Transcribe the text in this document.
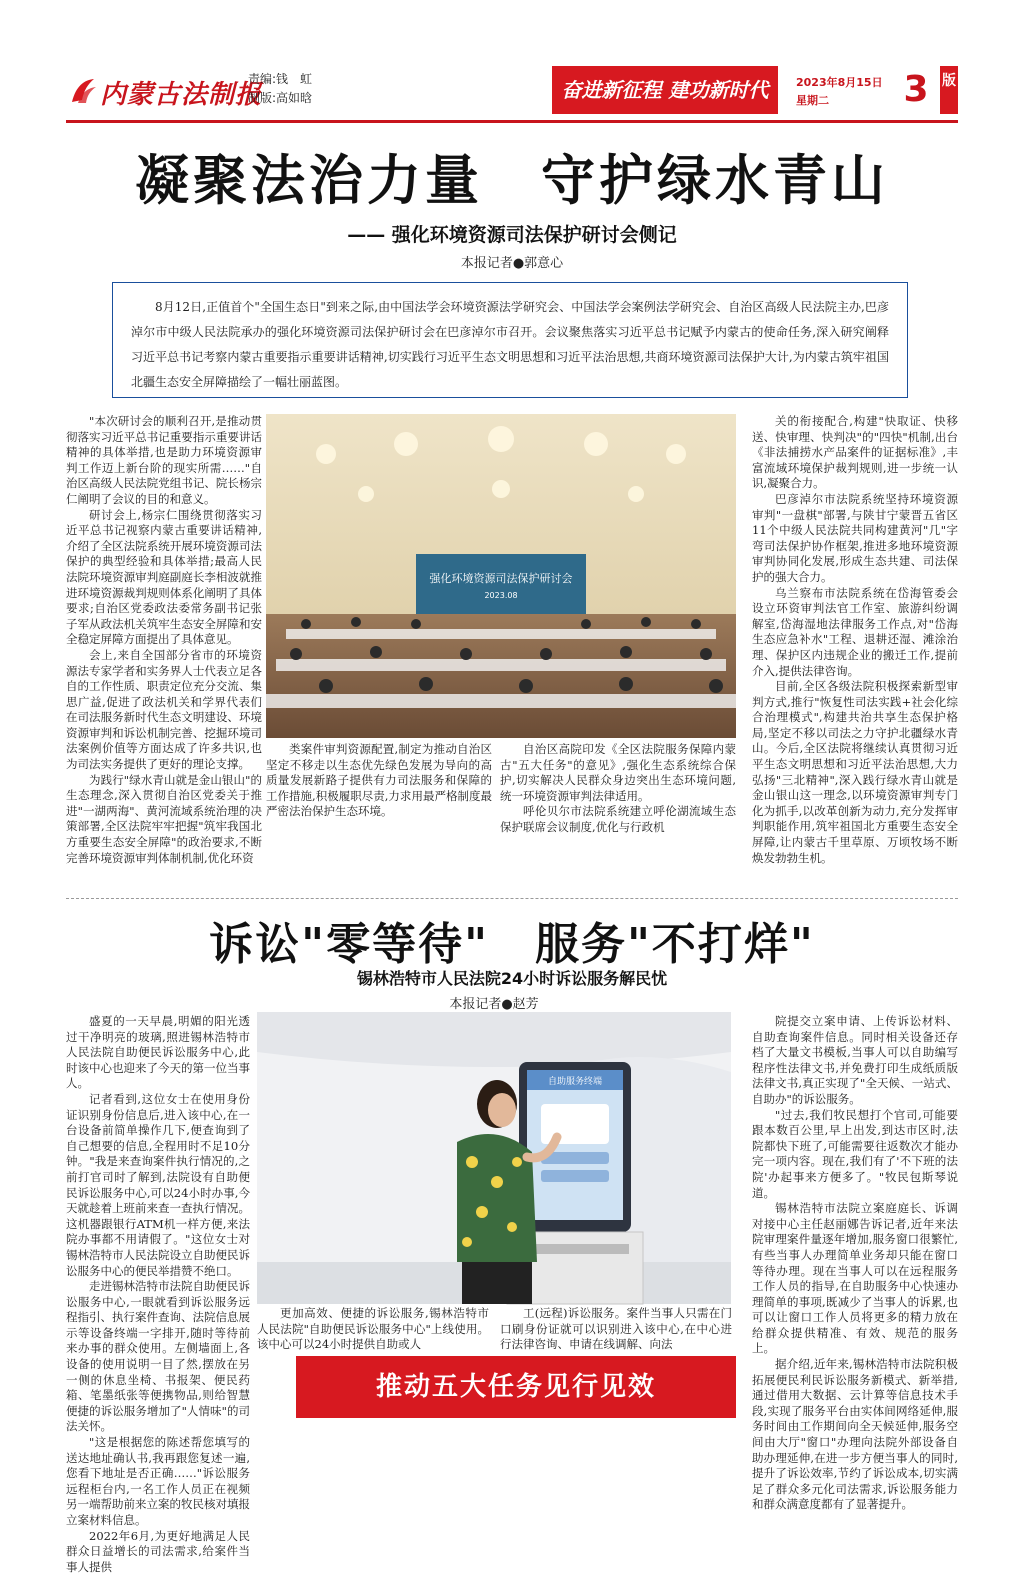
内蒙古法制报
责编:钱　虹
制版:高如晗	奋进新征程 建功新时代	2023年8月15日
星期二	3 版
凝聚法治力量　守护绿水青山
—— 强化环境资源司法保护研讨会侧记
本报记者●郭意心
8月12日,正值首个"全国生态日"到来之际,由中国法学会环境资源法学研究会、中国法学会案例法学研究会、自治区高级人民法院主办,巴彦淖尔市中级人民法院承办的强化环境资源司法保护研讨会在巴彦淖尔市召开。会议聚焦落实习近平总书记赋予内蒙古的使命任务,深入研究阐释习近平总书记考察内蒙古重要指示重要讲话精神,切实践行习近平生态文明思想和习近平法治思想,共商环境资源司法保护大计,为内蒙古筑牢祖国北疆生态安全屏障描绘了一幅壮丽蓝图。

"本次研讨会的顺利召开,是推动贯彻落实习近平总书记重要指示重要讲话精神的具体举措,也是助力环境资源审判工作迈上新台阶的现实所需……"自治区高级人民法院党组书记、院长杨宗仁阐明了会议的目的和意义。

研讨会上,杨宗仁围绕贯彻落实习近平总书记视察内蒙古重要讲话精神,介绍了全区法院系统开展环境资源司法保护的典型经验和具体举措;最高人民法院环境资源审判庭副庭长李相波就推进环境资源裁判规则体系化阐明了具体要求;自治区党委政法委常务副书记张子军从政法机关筑牢生态安全屏障和安全稳定屏障方面提出了具体意见。

会上,来自全国部分省市的环境资源法专家学者和实务界人士代表立足各自的工作性质、职责定位充分交流、集思广益,促进了政法机关和学界代表们在司法服务新时代生态文明建设、环境资源审判和诉讼机制完善、挖掘环境司法案例价值等方面达成了许多共识,也为司法实务提供了更好的理论支撑。

为践行"绿水青山就是金山银山"的生态理念,深入贯彻自治区党委关于推进"一湖两海"、黄河流域系统治理的决策部署,全区法院牢牢把握"筑牢我国北方重要生态安全屏障"的政治要求,不断完善环境资源审判体制机制,优化环资

强化环境资源司法保护研讨会
2023.08

类案件审判资源配置,制定为推动自治区坚定不移走以生态优先绿色发展为导向的高质量发展新路子提供有力司法服务和保障的工作措施,积极履职尽责,力求用最严格制度最严密法治保护生态环境。

自治区高院印发《全区法院服务保障内蒙古"五大任务"的意见》,强化生态系统综合保护,切实解决人民群众身边突出生态环境问题,统一环境资源审判法律适用。

呼伦贝尔市法院系统建立呼伦湖流域生态保护联席会议制度,优化与行政机

关的衔接配合,构建"快取证、快移送、快审理、快判决"的"四快"机制,出台《非法捕捞水产品案件的证据标准》,丰富流域环境保护裁判规则,进一步统一认识,凝聚合力。

巴彦淖尔市法院系统坚持环境资源审判"一盘棋"部署,与陕甘宁蒙晋五省区11个中级人民法院共同构建黄河"几"字弯司法保护协作框架,推进多地环境资源审判协同化发展,形成生态共建、司法保护的强大合力。

乌兰察布市法院系统在岱海管委会设立环资审判法官工作室、旅游纠纷调解室,岱海湿地法律服务工作点,对"岱海生态应急补水"工程、退耕还湿、滩涂治理、保护区内违规企业的搬迁工作,提前介入,提供法律咨询。

目前,全区各级法院积极探索新型审判方式,推行"恢复性司法实践+社会化综合治理模式",构建共治共享生态保护格局,坚定不移以司法之力守护北疆绿水青山。今后,全区法院将继续认真贯彻习近平生态文明思想和习近平法治思想,大力弘扬"三北精神",深入践行绿水青山就是金山银山这一理念,以环境资源审判专门化为抓手,以改革创新为动力,充分发挥审判职能作用,筑牢祖国北方重要生态安全屏障,让内蒙古千里草原、万顷牧场不断焕发勃勃生机。

诉讼"零等待"　服务"不打烊"
锡林浩特市人民法院24小时诉讼服务解民忧
本报记者●赵芳

盛夏的一天早晨,明媚的阳光透过干净明亮的玻璃,照进锡林浩特市人民法院自助便民诉讼服务中心,此时该中心也迎来了今天的第一位当事人。

记者看到,这位女士在使用身份证识别身份信息后,进入该中心,在一台设备前简单操作几下,便查询到了自己想要的信息,全程用时不足10分钟。"我是来查询案件执行情况的,之前打官司时了解到,法院设有自助便民诉讼服务中心,可以24小时办事,今天就趁着上班前来查一查执行情况。这机器跟银行ATM机一样方便,来法院办事都不用请假了。"这位女士对锡林浩特市人民法院设立自助便民诉讼服务中心的便民举措赞不绝口。

走进锡林浩特市法院自助便民诉讼服务中心,一眼就看到诉讼服务远程指引、执行案件查询、法院信息展示等设备终端一字排开,随时等待前来办事的群众使用。左侧墙面上,各设备的使用说明一目了然,摆放在另一侧的休息坐椅、书报架、便民药箱、笔墨纸张等便携物品,则给智慧便捷的诉讼服务增加了"人情味"的司法关怀。

"这是根据您的陈述帮您填写的送达地址确认书,我再跟您复述一遍,您看下地址是否正确……"诉讼服务远程柜台内,一名工作人员正在视频另一端帮助前来立案的牧民核对填报立案材料信息。

2022年6月,为更好地满足人民群众日益增长的司法需求,给案件当事人提供

自助服务终端

更加高效、便捷的诉讼服务,锡林浩特市人民法院"自助便民诉讼服务中心"上线使用。该中心可以24小时提供自助或人

工(远程)诉讼服务。案件当事人只需在门口刷身份证就可以识别进入该中心,在中心进行法律咨询、申请在线调解、向法

院提交立案申请、上传诉讼材料、自助查询案件信息。同时相关设备还存档了大量文书模板,当事人可以自助编写程序性法律文书,并免费打印生成纸质版法律文书,真正实现了"全天候、一站式、自助办"的诉讼服务。

"过去,我们牧民想打个官司,可能要跟本数百公里,早上出发,到达市区时,法院都快下班了,可能需要往返数次才能办完一项内容。现在,我们有了'不下班的法院'办起事来方便多了。"牧民包斯琴说道。

锡林浩特市法院立案庭庭长、诉调对接中心主任赵丽娜告诉记者,近年来法院审理案件量逐年增加,服务窗口很繁忙,有些当事人办理简单业务却只能在窗口等待办理。现在当事人可以在远程服务工作人员的指导,在自助服务中心快速办理简单的事项,既减少了当事人的诉累,也可以让窗口工作人员将更多的精力放在给群众提供精准、有效、规范的服务上。

据介绍,近年来,锡林浩特市法院积极拓展便民利民诉讼服务新模式、新举措,通过借用大数据、云计算等信息技术手段,实现了服务平台由实体间网络延伸,服务时间由工作期间向全天候延伸,服务空间由大厅"窗口"办理向法院外部设备自助办理延伸,在进一步方便当事人的同时,提升了诉讼效率,节约了诉讼成本,切实满足了群众多元化司法需求,诉讼服务能力和群众满意度都有了显著提升。

推动五大任务见行见效
